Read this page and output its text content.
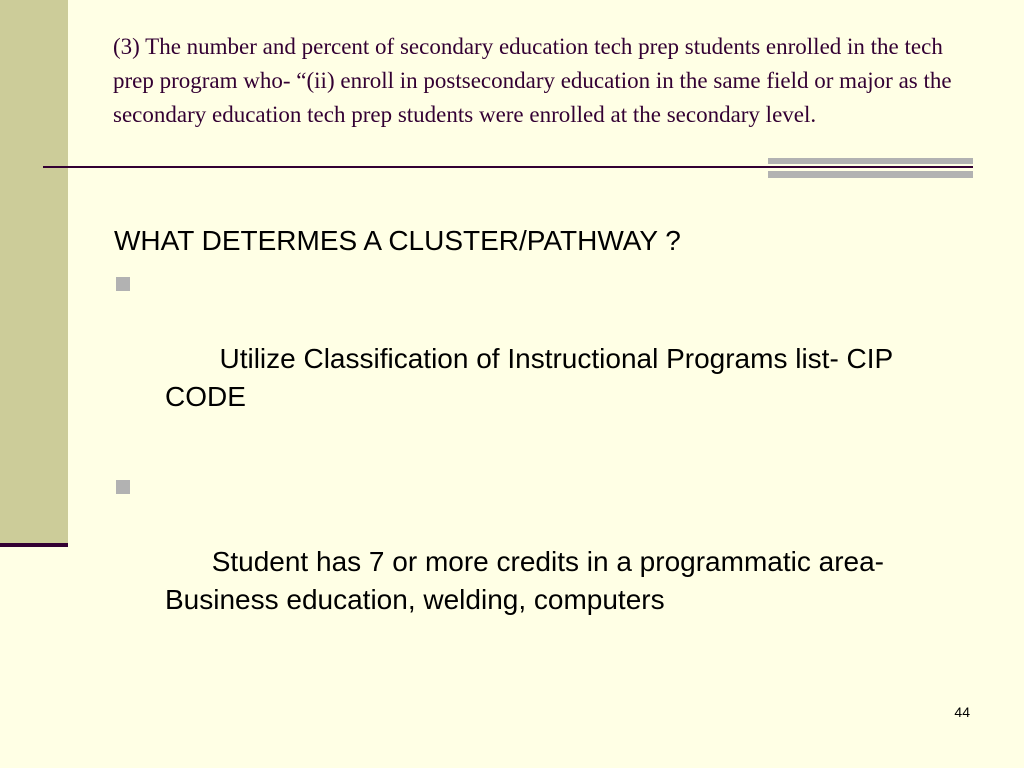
(3) The number and percent of secondary education tech prep students enrolled in the tech prep program who- “(ii) enroll in postsecondary education in the same field or major as the secondary education tech prep students were enrolled at the secondary level.

WHAT DETERMES A CLUSTER/PATHWAY ?

Utilize Classification of Instructional Programs list- CIP CODE

Student has 7 or more credits in a programmatic area-Business education, welding, computers

44
